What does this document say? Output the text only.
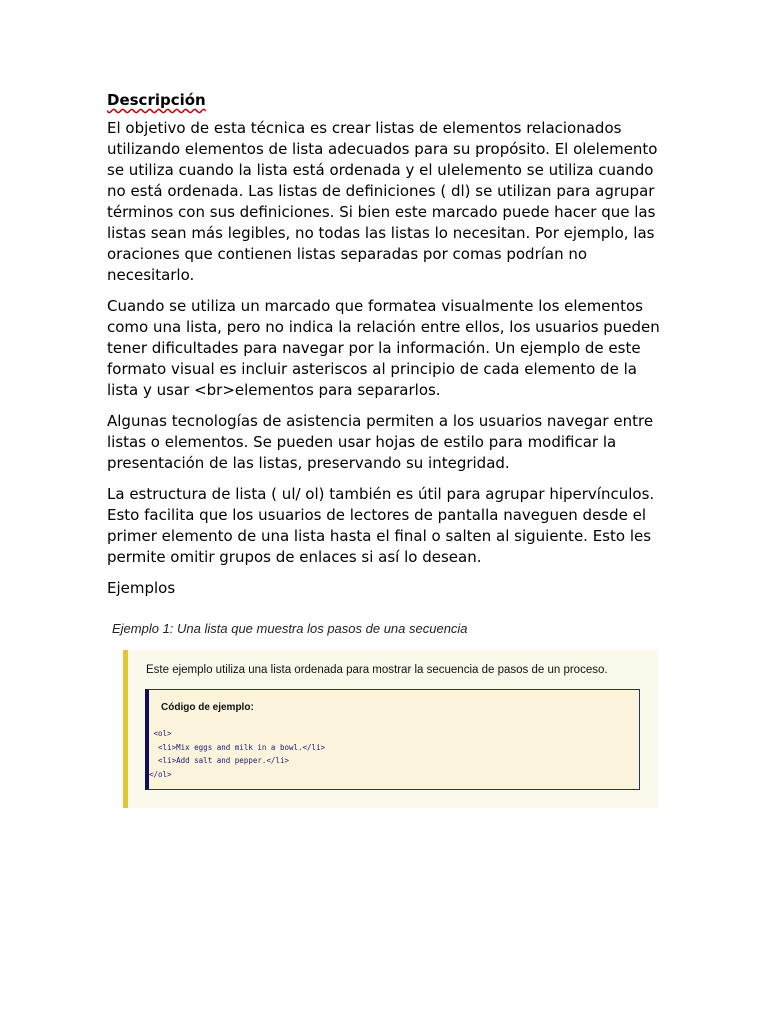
Descripción

El objetivo de esta técnica es crear listas de elementos relacionados utilizando elementos de lista adecuados para su propósito. El olelemento se utiliza cuando la lista está ordenada y el ulelemento se utiliza cuando no está ordenada. Las listas de definiciones ( dl) se utilizan para agrupar términos con sus definiciones. Si bien este marcado puede hacer que las listas sean más legibles, no todas las listas lo necesitan. Por ejemplo, las oraciones que contienen listas separadas por comas podrían no necesitarlo.

Cuando se utiliza un marcado que formatea visualmente los elementos como una lista, pero no indica la relación entre ellos, los usuarios pueden tener dificultades para navegar por la información. Un ejemplo de este formato visual es incluir asteriscos al principio de cada elemento de la lista y usar <br>elementos para separarlos.

Algunas tecnologías de asistencia permiten a los usuarios navegar entre listas o elementos. Se pueden usar hojas de estilo para modificar la presentación de las listas, preservando su integridad.

La estructura de lista ( ul/ ol) también es útil para agrupar hipervínculos. Esto facilita que los usuarios de lectores de pantalla naveguen desde el primer elemento de una lista hasta el final o salten al siguiente. Esto les permite omitir grupos de enlaces si así lo desean.

Ejemplos

Ejemplo 1: Una lista que muestra los pasos de una secuencia
Este ejemplo utiliza una lista ordenada para mostrar la secuencia de pasos de un proceso.
Código de ejemplo:
<ol>
<li>Mix eggs and milk in a bowl.</li>
<li>Add salt and pepper.</li>
</ol>
